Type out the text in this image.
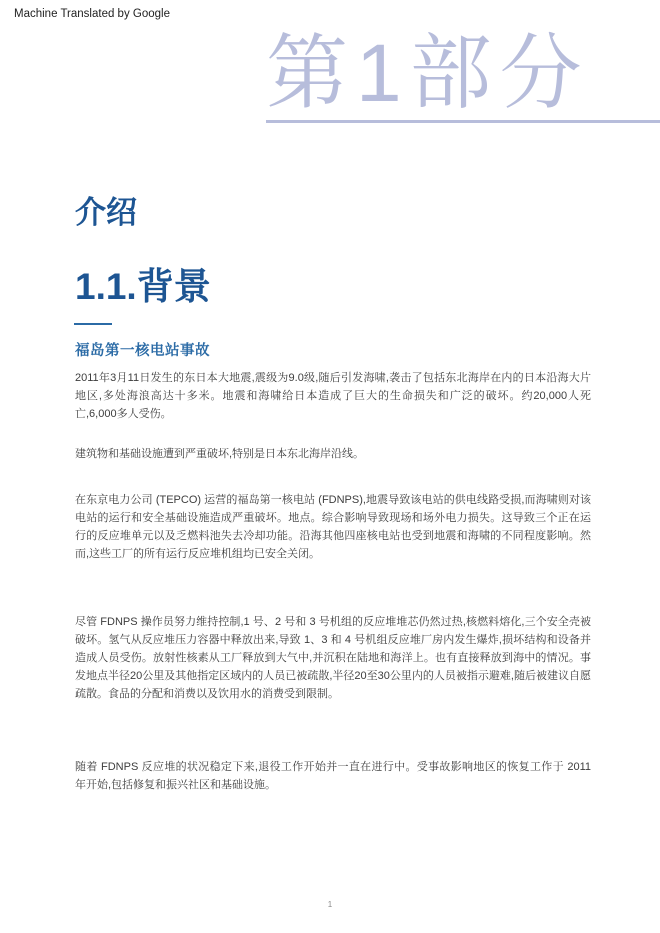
Machine Translated by Google
第1部分
介绍
1.1.背景
福岛第一核电站事故

2011年3月11日发生的东日本大地震,震级为9.0级,随后引发海啸,袭击了包括东北海岸在内的日本沿海大片地区,多处海浪高达十多米。地震和海啸给日本造成了巨大的生命损失和广泛的破坏。约20,000人死亡,6,000多人受伤。

建筑物和基础设施遭到严重破坏,特别是日本东北海岸沿线。

在东京电力公司 (TEPCO) 运营的福岛第一核电站 (FDNPS),地震导致该电站的供电线路受损,而海啸则对该电站的运行和安全基础设施造成严重破坏。地点。综合影响导致现场和场外电力损失。这导致三个正在运行的反应堆单元以及乏燃料池失去冷却功能。沿海其他四座核电站也受到地震和海啸的不同程度影响。然而,这些工厂的所有运行反应堆机组均已安全关闭。

尽管 FDNPS 操作员努力维持控制,1 号、2 号和 3 号机组的反应堆堆芯仍然过热,核燃料熔化,三个安全壳被破坏。氢气从反应堆压力容器中释放出来,导致 1、3 和 4 号机组反应堆厂房内发生爆炸,损坏结构和设备并造成人员受伤。放射性核素从工厂释放到大气中,并沉积在陆地和海洋上。也有直接释放到海中的情况。事发地点半径20公里及其他指定区域内的人员已被疏散,半径20至30公里内的人员被指示避难,随后被建议自愿疏散。食品的分配和消费以及饮用水的消费受到限制。

随着 FDNPS 反应堆的状况稳定下来,退役工作开始并一直在进行中。受事故影响地区的恢复工作于 2011 年开始,包括修复和振兴社区和基础设施。

1
